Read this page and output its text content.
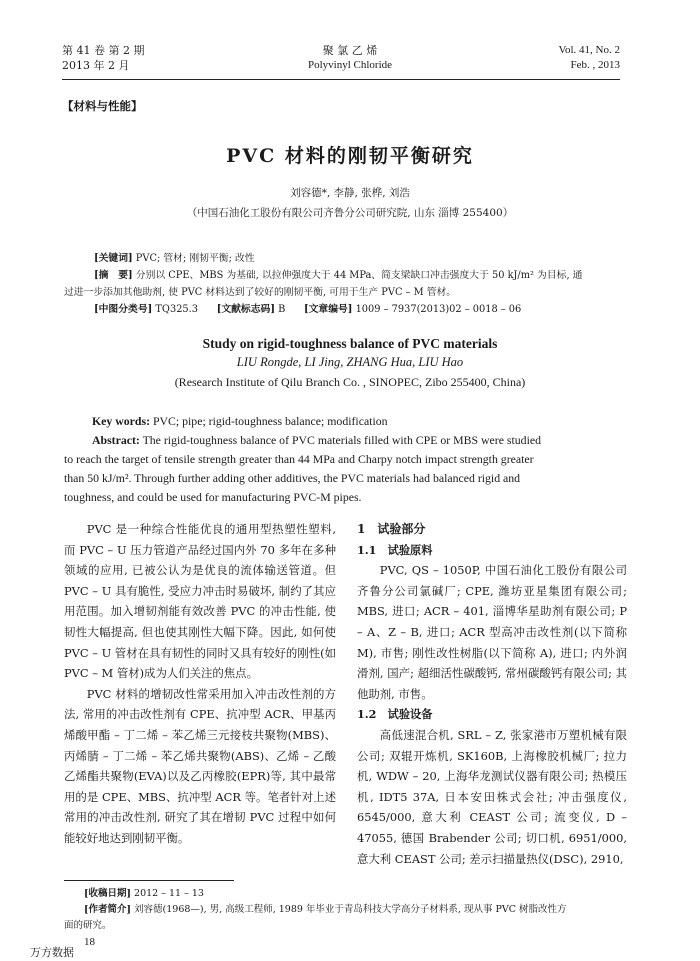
第 41 卷 第 2 期
2013 年 2 月
聚 氯 乙 烯
Polyvinyl Chloride
Vol. 41, No. 2
Feb. , 2013
【材料与性能】
PVC 材料的刚韧平衡研究
刘容德*, 李静, 张桦, 刘浩
（中国石油化工股份有限公司齐鲁分公司研究院, 山东 淄博 255400）
[关键词] PVC; 管材; 刚韧平衡; 改性
[摘　要] 分别以 CPE、MBS 为基础, 以拉伸强度大于 44 MPa、简支梁缺口冲击强度大于 50 kJ/m² 为目标, 通
过进一步添加其他助剂, 使 PVC 材料达到了较好的刚韧平衡, 可用于生产 PVC – M 管材。
[中图分类号] TQ325.3 [文献标志码] B [文章编号] 1009 – 7937(2013)02 – 0018 – 06
Study on rigid-toughness balance of PVC materials
LIU Rongde, LI Jing, ZHANG Hua, LIU Hao
(Research Institute of Qilu Branch Co. , SINOPEC, Zibo 255400, China)
Key words: PVC; pipe; rigid-toughness balance; modification
Abstract: The rigid-toughness balance of PVC materials filled with CPE or MBS were studied
to reach the target of tensile strength greater than 44 MPa and Charpy notch impact strength greater
than 50 kJ/m². Through further adding other additives, the PVC materials had balanced rigid and
toughness, and could be used for manufacturing PVC-M pipes.

PVC 是一种综合性能优良的通用型热塑性塑料, 而 PVC – U 压力管道产品经过国内外 70 多年在多种领域的应用, 已被公认为是优良的流体输送管道。但 PVC – U 具有脆性, 受应力冲击时易破坏, 制约了其应用范围。加入增韧剂能有效改善 PVC 的冲击性能, 使韧性大幅提高, 但也使其刚性大幅下降。因此, 如何使 PVC – U 管材在具有韧性的同时又具有较好的刚性(如 PVC – M 管材)成为人们关注的焦点。

PVC 材料的增韧改性常采用加入冲击改性剂的方法, 常用的冲击改性剂有 CPE、抗冲型 ACR、甲基丙烯酸甲酯 – 丁二烯 – 苯乙烯三元接枝共聚物(MBS)、丙烯腈 – 丁二烯 – 苯乙烯共聚物(ABS)、乙烯 – 乙酸乙烯酯共聚物(EVA)以及乙丙橡胶(EPR)等, 其中最常用的是 CPE、MBS、抗冲型 ACR 等。笔者针对上述常用的冲击改性剂, 研究了其在增韧 PVC 过程中如何能较好地达到刚韧平衡。

1　试验部分

1.1　试验原料

PVC, QS – 1050P, 中国石油化工股份有限公司齐鲁分公司氯碱厂; CPE, 潍坊亚星集团有限公司; MBS, 进口; ACR – 401, 淄博华星助剂有限公司; P – A、Z – B, 进口; ACR 型高冲击改性剂(以下简称 M), 市售; 刚性改性树脂(以下简称 A), 进口; 内外润滑剂, 国产; 超细活性碳酸钙, 常州碳酸钙有限公司; 其他助剂, 市售。

1.2　试验设备

高低速混合机, SRL – Z, 张家港市万塑机械有限公司; 双辊开炼机, SK160B, 上海橡胶机械厂; 拉力机, WDW – 20, 上海华龙测试仪器有限公司; 热模压机, IDT5 37A, 日本安田株式会社; 冲击强度仪, 6545/000, 意大利 CEAST 公司; 流变仪, D – 47055, 德国 Brabender 公司; 切口机, 6951/000, 意大利 CEAST 公司; 差示扫描量热仪(DSC), 2910,

[收稿日期] 2012 – 11 – 13
[作者简介] 刘容德(1968—), 男, 高级工程师, 1989 年毕业于青岛科技大学高分子材料系, 现从事 PVC 树脂改性方
面的研究。
18
万方数据
